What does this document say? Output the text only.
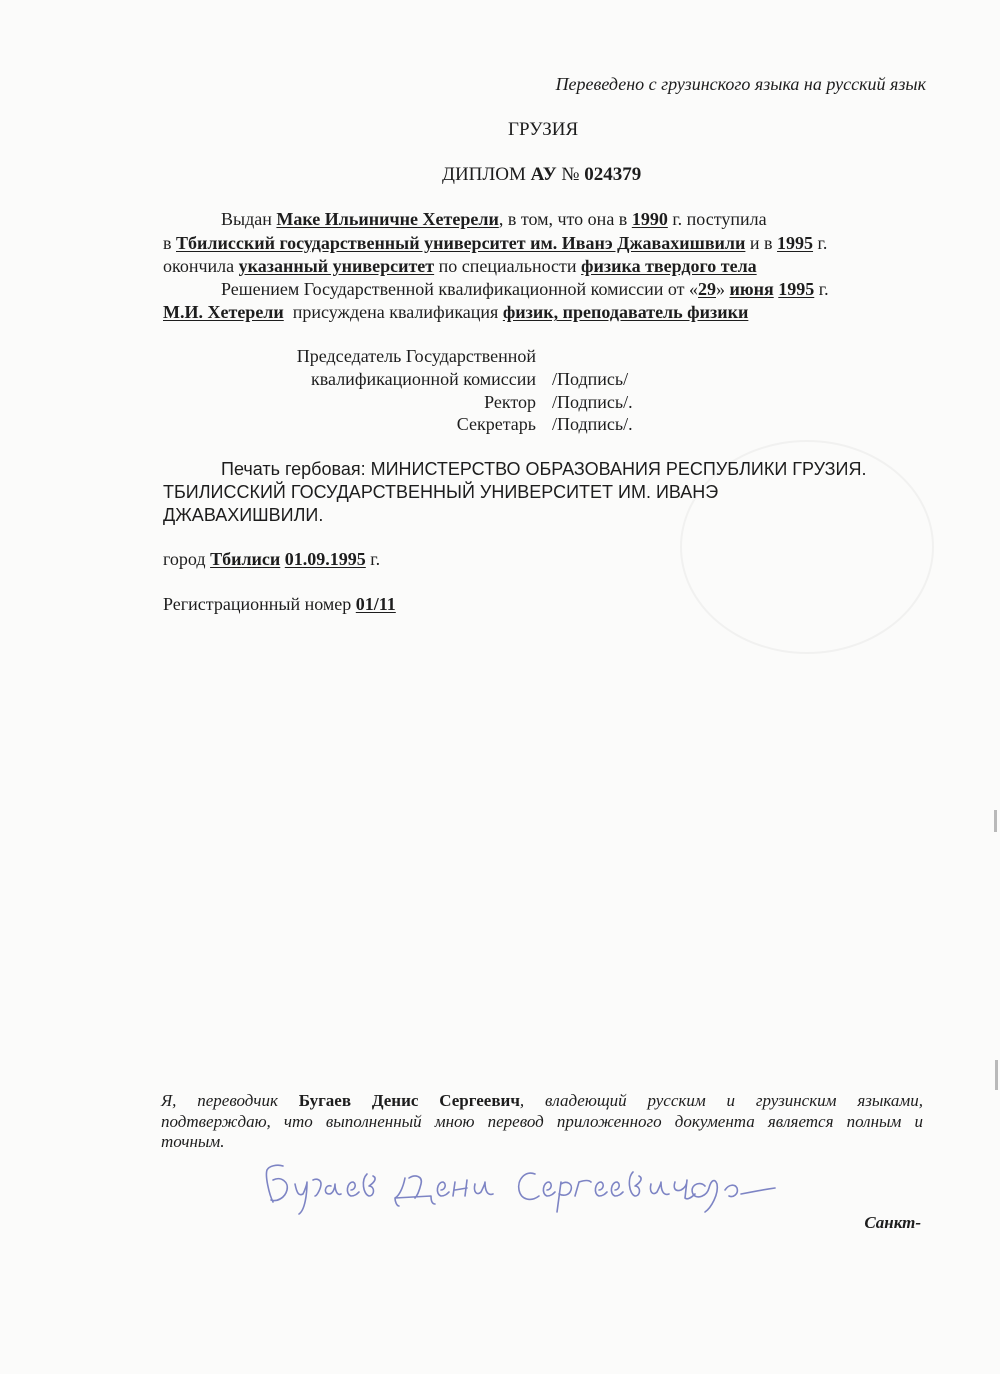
Переведено с грузинского языка на русский язык
ГРУЗИЯ
ДИПЛОМ АУ № 024379
Выдан Маке Ильиничне Хетерели, в том, что она в 1990 г. поступила
в Тбилисский государственный университет им. Иванэ Джавахишвили и в 1995 г.
окончила указанный университет по специальности физика твердого тела
Решением Государственной квалификационной комиссии от «29» июня 1995 г.
М.И. Хетерели  присуждена квалификация физик, преподаватель физики
Председатель Государственной
квалификационной комиссии /Подпись/
Ректор /Подпись/.
Секретарь /Подпись/.
Печать гербовая: МИНИСТЕРСТВО ОБРАЗОВАНИЯ РЕСПУБЛИКИ ГРУЗИЯ.
ТБИЛИССКИЙ ГОСУДАРСТВЕННЫЙ УНИВЕРСИТЕТ ИМ. ИВАНЭ
ДЖАВАХИШВИЛИ.
город Тбилиси 01.09.1995 г.
Регистрационный номер 01/11
Я, переводчик Бугаев Денис Сергеевич, владеющий русским и грузинским языками,
подтверждаю, что выполненный мною перевод приложенного документа является полным и
точным.
Санкт-
